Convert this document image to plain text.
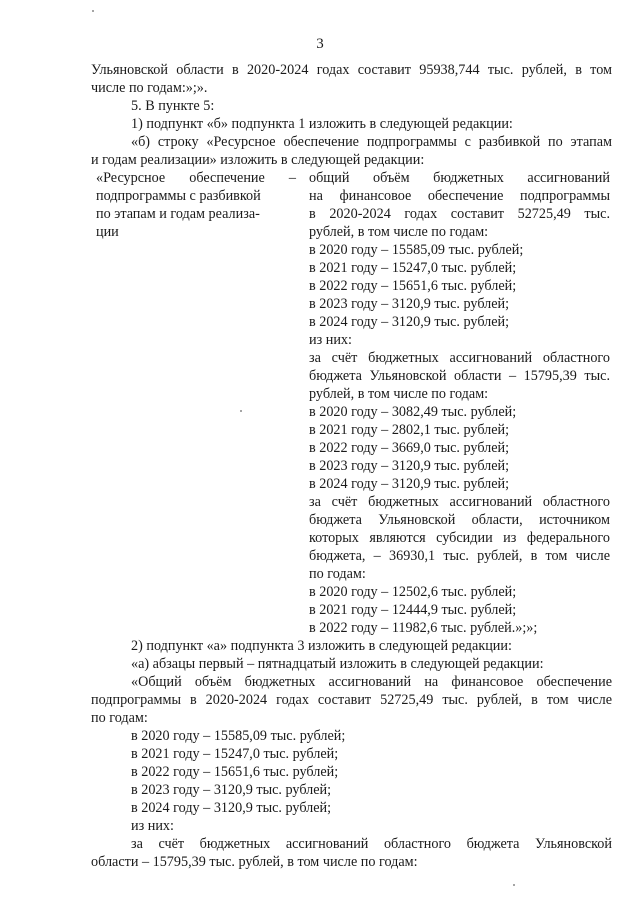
3
Ульяновской области в 2020-2024 годах составит 95938,744 тыс. рублей, в том
числе по годам:»;».
5. В пункте 5:
1) подпункт «б» подпункта 1 изложить в следующей редакции:
«б) строку «Ресурсное обеспечение подпрограммы с разбивкой по этапам
и годам реализации» изложить в следующей редакции:
«Ресурсное обеспечение –
подпрограммы с разбивкой
по этапам и годам реализа-
ции
общий объём бюджетных ассигнований
на финансовое обеспечение подпрограммы
в 2020-2024 годах составит 52725,49 тыс.
рублей, в том числе по годам:
в 2020 году – 15585,09 тыс. рублей;
в 2021 году – 15247,0 тыс. рублей;
в 2022 году – 15651,6 тыс. рублей;
в 2023 году – 3120,9 тыс. рублей;
в 2024 году – 3120,9 тыс. рублей;
из них:
за счёт бюджетных ассигнований областного
бюджета Ульяновской области – 15795,39 тыс.
рублей, в том числе по годам:
в 2020 году – 3082,49 тыс. рублей;
в 2021 году – 2802,1 тыс. рублей;
в 2022 году – 3669,0 тыс. рублей;
в 2023 году – 3120,9 тыс. рублей;
в 2024 году – 3120,9 тыс. рублей;
за счёт бюджетных ассигнований областного
бюджета Ульяновской области, источником
которых являются субсидии из федерального
бюджета, – 36930,1 тыс. рублей, в том числе
по годам:
в 2020 году – 12502,6 тыс. рублей;
в 2021 году – 12444,9 тыс. рублей;
в 2022 году – 11982,6 тыс. рублей.»;»;
2) подпункт «а» подпункта 3 изложить в следующей редакции:
«а) абзацы первый – пятнадцатый изложить в следующей редакции:
«Общий объём бюджетных ассигнований на финансовое обеспечение
подпрограммы в 2020-2024 годах составит 52725,49 тыс. рублей, в том числе
по годам:
в 2020 году – 15585,09 тыс. рублей;
в 2021 году – 15247,0 тыс. рублей;
в 2022 году – 15651,6 тыс. рублей;
в 2023 году – 3120,9 тыс. рублей;
в 2024 году – 3120,9 тыс. рублей;
из них:
за счёт бюджетных ассигнований областного бюджета Ульяновской
области – 15795,39 тыс. рублей, в том числе по годам:
